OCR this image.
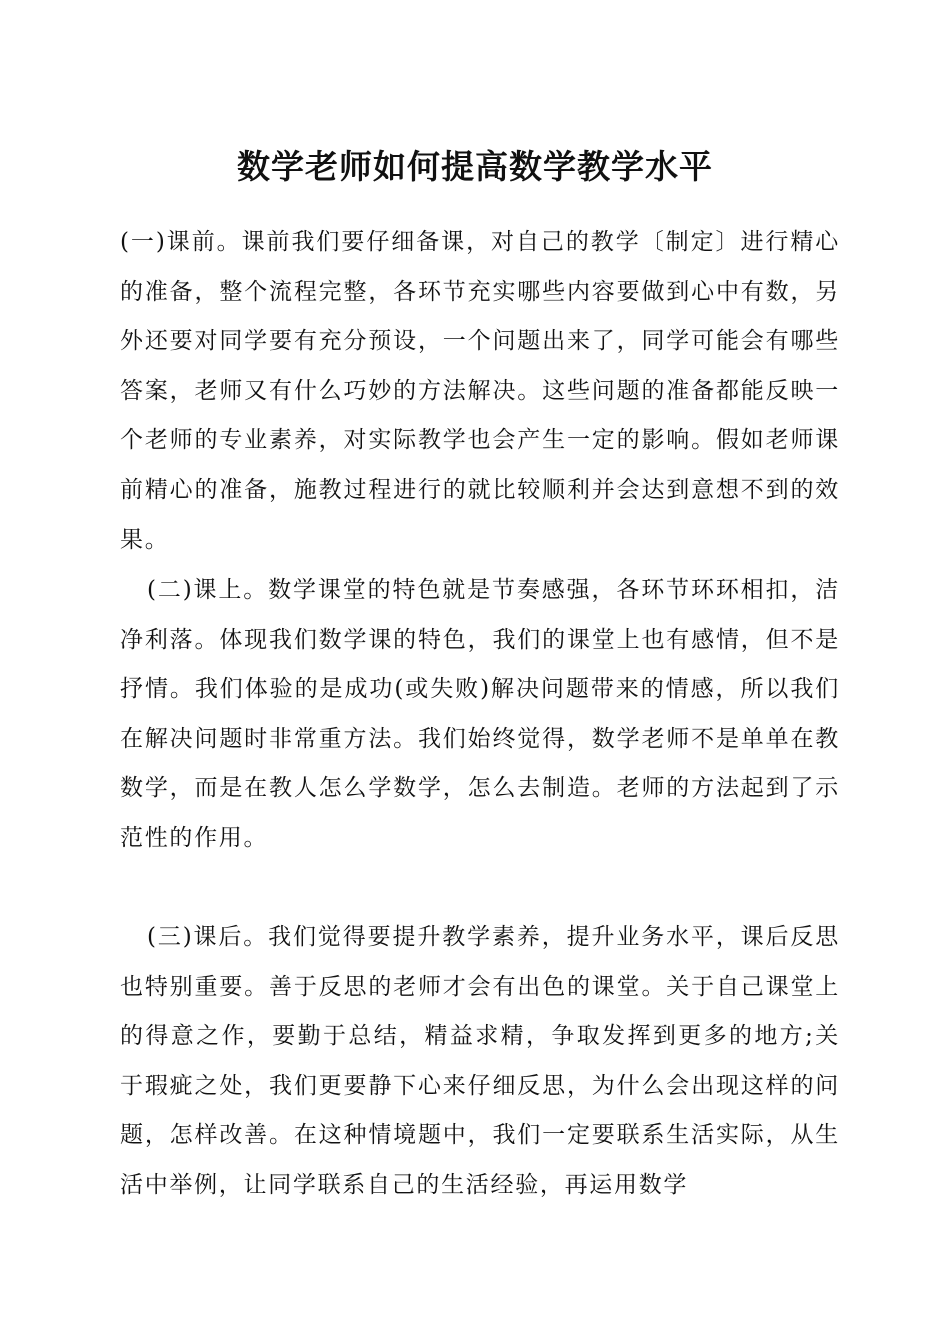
数学老师如何提高数学教学水平

(一)课前。课前我们要仔细备课，对自己的教学〔制定〕进行精心的准备，整个流程完整，各环节充实哪些内容要做到心中有数，另外还要对同学要有充分预设，一个问题出来了，同学可能会有哪些答案，老师又有什么巧妙的方法解决。这些问题的准备都能反映一个老师的专业素养，对实际教学也会产生一定的影响。假如老师课前精心的准备，施教过程进行的就比较顺利并会达到意想不到的效果。

(二)课上。数学课堂的特色就是节奏感强，各环节环环相扣，洁净利落。体现我们数学课的特色，我们的课堂上也有感情，但不是抒情。我们体验的是成功(或失败)解决问题带来的情感，所以我们在解决问题时非常重方法。我们始终觉得，数学老师不是单单在教数学，而是在教人怎么学数学，怎么去制造。老师的方法起到了示范性的作用。

(三)课后。我们觉得要提升教学素养，提升业务水平，课后反思也特别重要。善于反思的老师才会有出色的课堂。关于自己课堂上的得意之作，要勤于总结，精益求精，争取发挥到更多的地方;关于瑕疵之处，我们更要静下心来仔细反思，为什么会出现这样的问题，怎样改善。在这种情境题中，我们一定要联系生活实际，从生活中举例，让同学联系自己的生活经验，再运用数学
